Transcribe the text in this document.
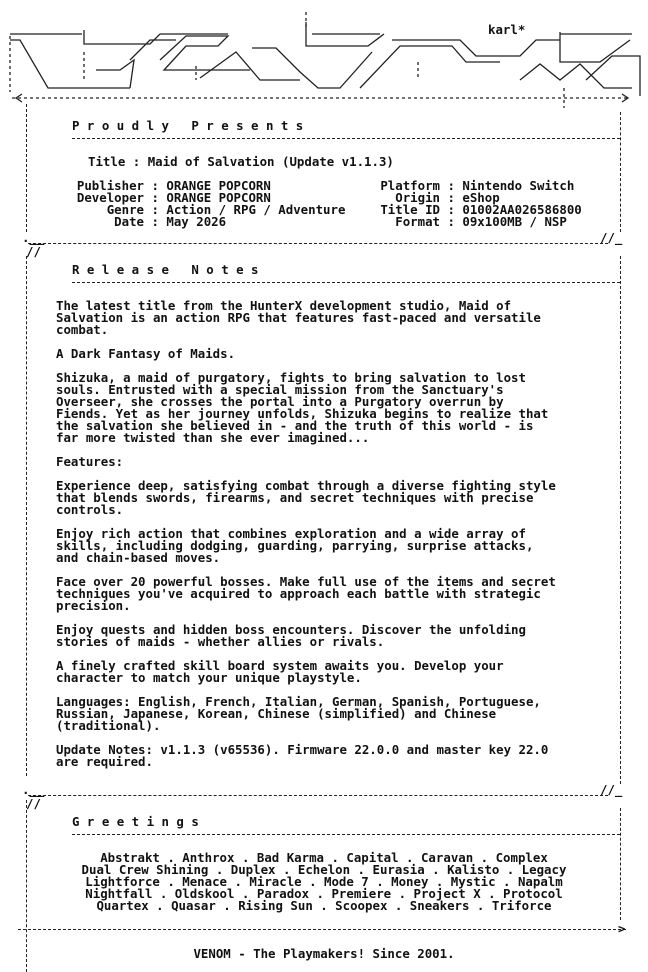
karl*
P r o u d l y   P r e s e n t s
Title : Maid of Salvation (Update v1.1.3)
Publisher : ORANGE POPCORN
Developer : ORANGE POPCORN
Genre : Action / RPG / Adventure
Date : May 2026
Platform : Nintendo Switch
Origin : eShop
Title ID : 01002AA026586800
Format : 09x100MB / NSP
.__
//
//_
R e l e a s e   N o t e s
The latest title from the HunterX development studio, Maid of
Salvation is an action RPG that features fast-paced and versatile
combat.
A Dark Fantasy of Maids.
Shizuka, a maid of purgatory, fights to bring salvation to lost
souls. Entrusted with a special mission from the Sanctuary's
Overseer, she crosses the portal into a Purgatory overrun by
Fiends. Yet as her journey unfolds, Shizuka begins to realize that
the salvation she believed in - and the truth of this world - is
far more twisted than she ever imagined...
Features:
Experience deep, satisfying combat through a diverse fighting style
that blends swords, firearms, and secret techniques with precise
controls.
Enjoy rich action that combines exploration and a wide array of
skills, including dodging, guarding, parrying, surprise attacks,
and chain-based moves.
Face over 20 powerful bosses. Make full use of the items and secret
techniques you've acquired to approach each battle with strategic
precision.
Enjoy quests and hidden boss encounters. Discover the unfolding
stories of maids - whether allies or rivals.
A finely crafted skill board system awaits you. Develop your
character to match your unique playstyle.
Languages: English, French, Italian, German, Spanish, Portuguese,
Russian, Japanese, Korean, Chinese (simplified) and Chinese
(traditional).
Update Notes: v1.1.3 (v65536). Firmware 22.0.0 and master key 22.0
are required.
.__
//
//_
G r e e t i n g s
Abstrakt . Anthrox . Bad Karma . Capital . Caravan . Complex
Dual Crew Shining . Duplex . Echelon . Eurasia . Kalisto . Legacy
Lightforce . Menace . Miracle . Mode 7 . Money . Mystic . Napalm
Nightfall . Oldskool . Paradox . Premiere . Project X . Protocol
Quartex . Quasar . Rising Sun . Scoopex . Sneakers . Triforce
>
VENOM - The Playmakers! Since 2001.
